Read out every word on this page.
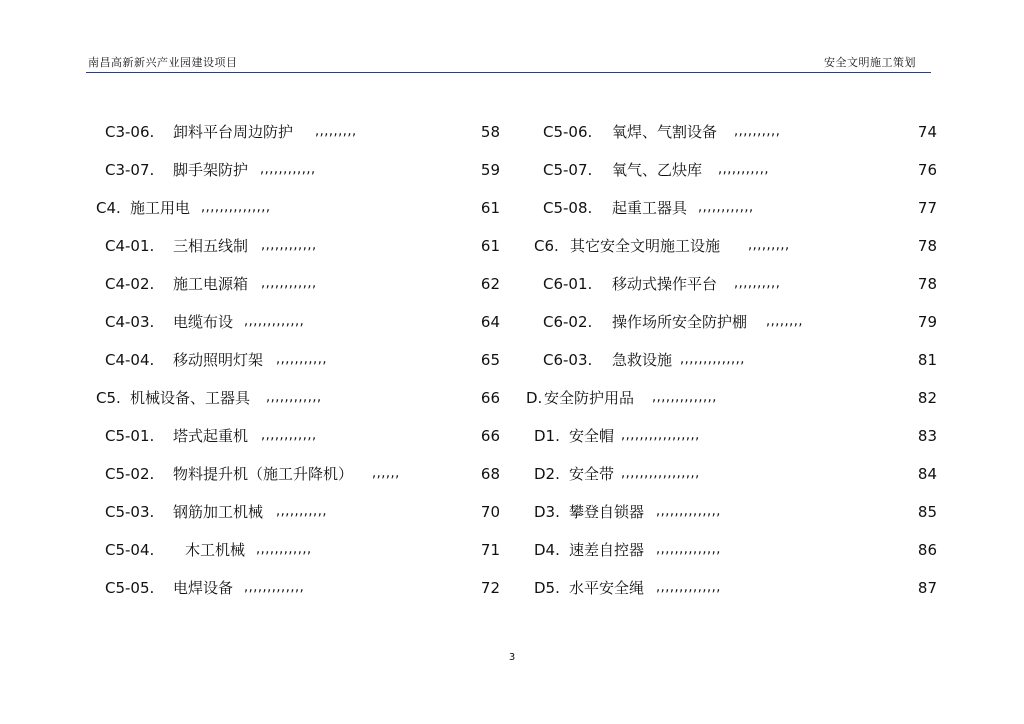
南昌高新新兴产业园建设项目	安全文明施工策划
C3-06. 卸料平台周边防护 ,,,,,,,,,	58
C3-07. 脚手架防护 ,,,,,,,,,,,,	59
C4. 施工用电 ,,,,,,,,,,,,,,,	61
C4-01. 三相五线制 ,,,,,,,,,,,,	61
C4-02. 施工电源箱 ,,,,,,,,,,,,	62
C4-03. 电缆布设 ,,,,,,,,,,,,,	64
C4-04. 移动照明灯架 ,,,,,,,,,,,	65
C5. 机械设备、工器具 ,,,,,,,,,,,,	66
C5-01. 塔式起重机 ,,,,,,,,,,,,	66
C5-02. 物料提升机（施工升降机） ,,,,,,	68
C5-03. 钢筋加工机械 ,,,,,,,,,,,	70
C5-04. 木工机械 ,,,,,,,,,,,,	71
C5-05. 电焊设备 ,,,,,,,,,,,,,	72
C5-06. 氧焊、气割设备 ,,,,,,,,,,	74
C5-07. 氧气、乙炔库 ,,,,,,,,,,,	76
C5-08. 起重工器具 ,,,,,,,,,,,,	77
C6. 其它安全文明施工设施 ,,,,,,,,,	78
C6-01. 移动式操作平台 ,,,,,,,,,,	78
C6-02. 操作场所安全防护棚 ,,,,,,,,	79
C6-03. 急救设施 ,,,,,,,,,,,,,,	81
D. 安全防护用品 ,,,,,,,,,,,,,,	82
D1. 安全帽 ,,,,,,,,,,,,,,,,,	83
D2. 安全带 ,,,,,,,,,,,,,,,,,	84
D3. 攀登自锁器 ,,,,,,,,,,,,,,	85
D4. 速差自控器 ,,,,,,,,,,,,,,	86
D5. 水平安全绳 ,,,,,,,,,,,,,,	87
3
